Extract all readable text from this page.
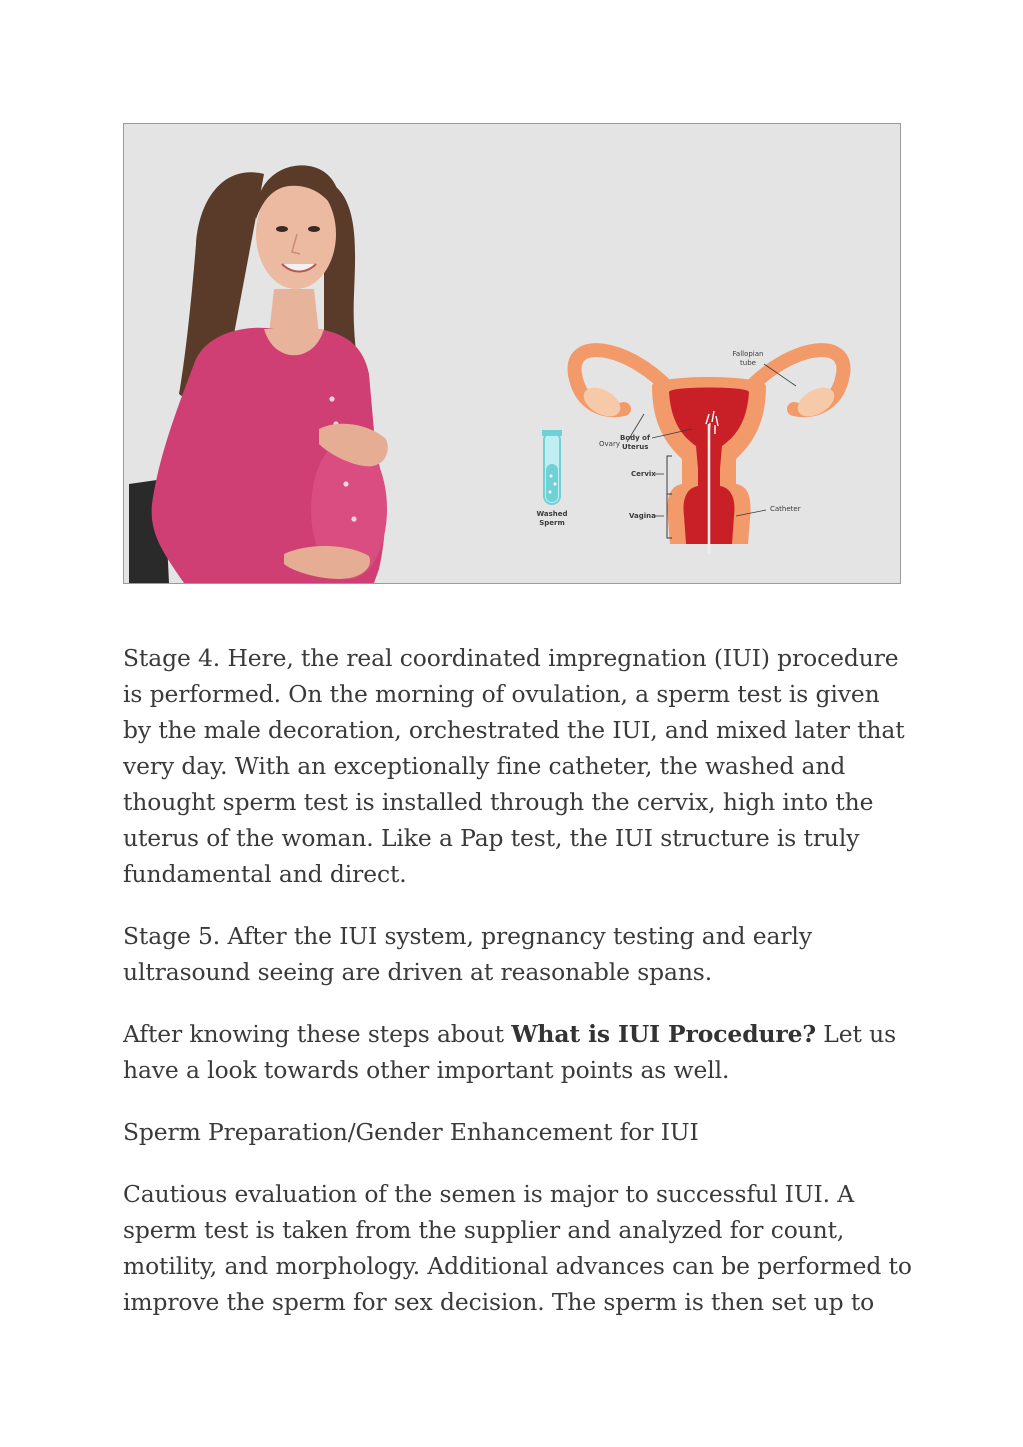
Washed
Sperm
Fallopian
tube
Ovary
Body of
Uterus
Cervix
Vagina
Catheter

Stage 4. Here, the real coordinated impregnation (IUI) procedure is performed. On the morning of ovulation, a sperm test is given by the male decoration, orchestrated the IUI, and mixed later that very day. With an exceptionally fine catheter, the washed and thought sperm test is installed through the cervix, high into the uterus of the woman. Like a Pap test, the IUI structure is truly fundamental and direct.

Stage 5. After the IUI system, pregnancy testing and early ultrasound seeing are driven at reasonable spans.

After knowing these steps about What is IUI Procedure? Let us have a look towards other important points as well.

Sperm Preparation/Gender Enhancement for IUI

Cautious evaluation of the semen is major to successful IUI. A sperm test is taken from the supplier and analyzed for count, motility, and morphology. Additional advances can be performed to improve the sperm for sex decision. The sperm is then set up to
